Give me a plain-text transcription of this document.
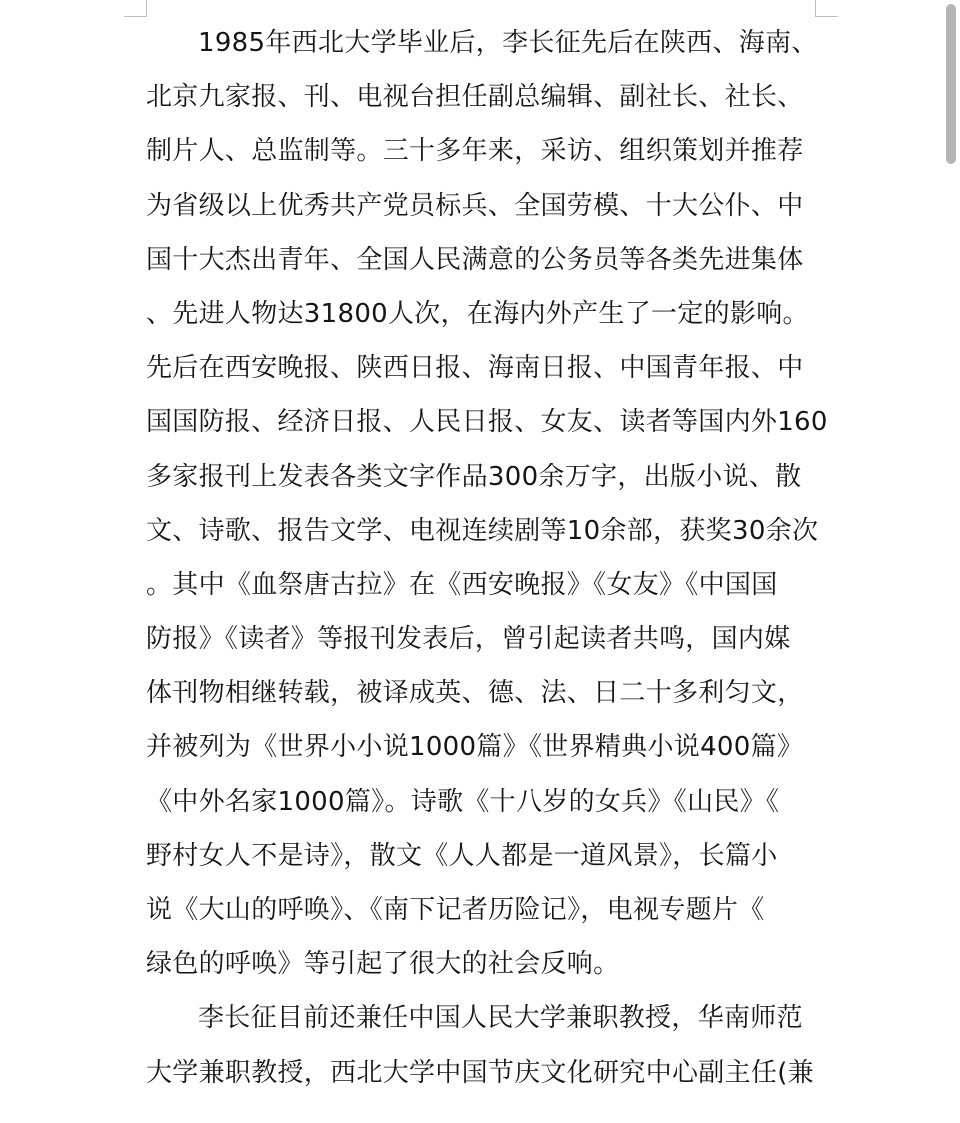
1985年西北大学毕业后，李长征先后在陕西、海南、
北京九家报、刊、电视台担任副总编辑、副社长、社长、
制片人、总监制等。三十多年来，采访、组织策划并推荐
为省级以上优秀共产党员标兵、全国劳模、十大公仆、中
国十大杰出青年、全国人民满意的公务员等各类先进集体
、先进人物达31800人次，在海内外产生了一定的影响。
先后在西安晚报、陕西日报、海南日报、中国青年报、中
国国防报、经济日报、人民日报、女友、读者等国内外160
多家报刊上发表各类文字作品300余万字，出版小说、散
文、诗歌、报告文学、电视连续剧等10余部，获奖30余次
。其中《血祭唐古拉》在《西安晚报》《女友》《中国国
防报》《读者》等报刊发表后，曾引起读者共鸣，国内媒
体刊物相继转载，被译成英、德、法、日二十多利匀文，
并被列为《世界小小说1000篇》《世界精典小说400篇》
《中外名家1000篇》。诗歌《十八岁的女兵》《山民》《
野村女人不是诗》，散文《人人都是一道风景》，长篇小
说《大山的呼唤》、《南下记者历险记》，电视专题片《
绿色的呼唤》等引起了很大的社会反响。
李长征目前还兼任中国人民大学兼职教授，华南师范
大学兼职教授，西北大学中国节庆文化研究中心副主任(兼
